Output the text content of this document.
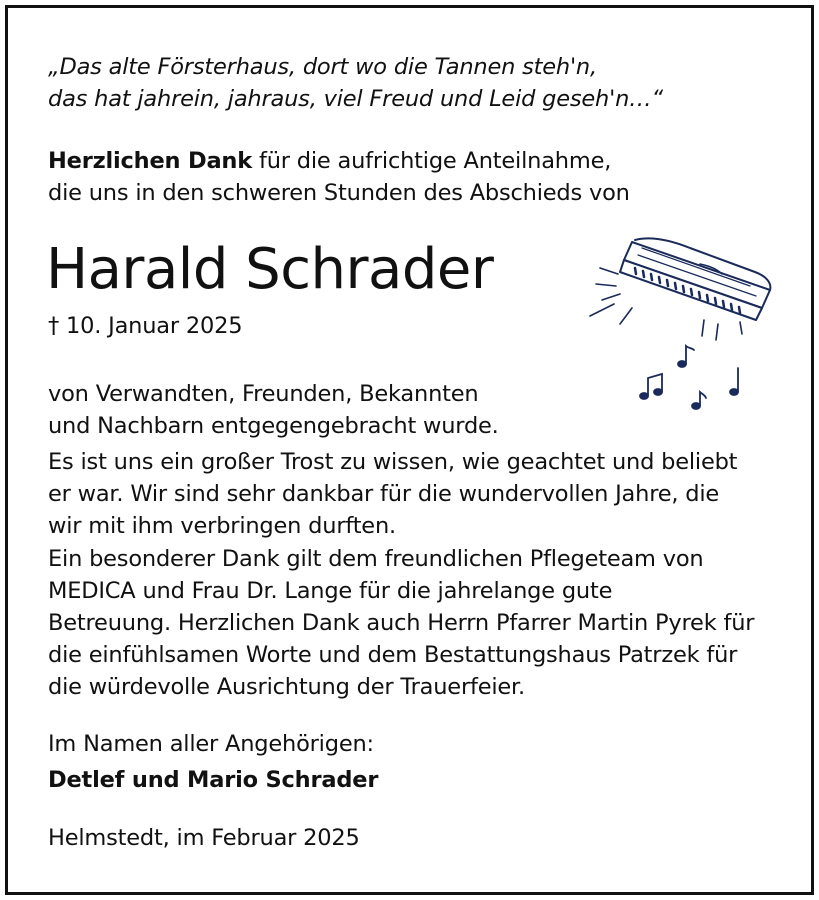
„Das alte Försterhaus, dort wo die Tannen steh'n,

das hat jahrein, jahraus, viel Freud und Leid geseh'n…“

Herzlichen Dank für die aufrichtige Anteilnahme,

die uns in den schweren Stunden des Abschieds von

Harald Schrader

† 10. Januar 2025

von Verwandten, Freunden, Bekannten

und Nachbarn entgegengebracht wurde.

Es ist uns ein großer Trost zu wissen, wie geachtet und beliebt

er war. Wir sind sehr dankbar für die wundervollen Jahre, die

wir mit ihm verbringen durften.

Ein besonderer Dank gilt dem freundlichen Pflegeteam von

MEDICA und Frau Dr. Lange für die jahrelange gute

Betreuung. Herzlichen Dank auch Herrn Pfarrer Martin Pyrek für

die einfühlsamen Worte und dem Bestattungshaus Patrzek für

die würdevolle Ausrichtung der Trauerfeier.

Im Namen aller Angehörigen:

Detlef und Mario Schrader

Helmstedt, im Februar 2025
